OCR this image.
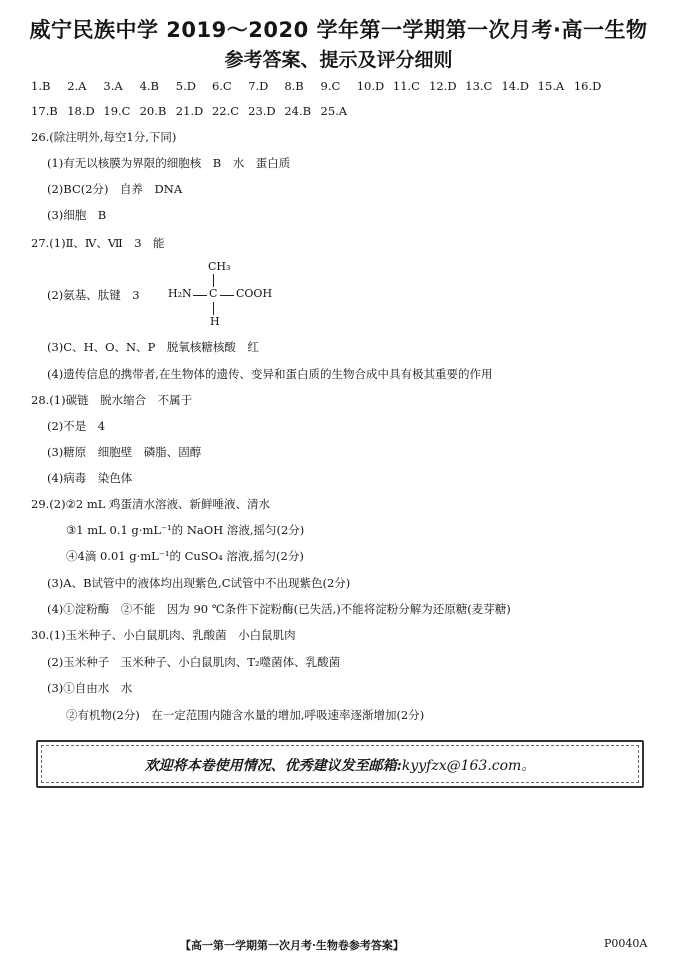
威宁民族中学 2019～2020 学年第一学期第一次月考·高一生物
参考答案、提示及评分细则
1.B 2.A 3.A 4.B 5.D 6.C 7.D 8.B 9.C 10.D 11.C 12.D 13.C 14.D 15.A 16.D
17.B 18.D 19.C 20.B 21.D 22.C 23.D 24.B 25.A
26.(除注明外,每空1分,下同)
(1)有无以核膜为界限的细胞核　B　水　蛋白质
(2)BC(2分)　自养　DNA
(3)细胞　B
27.(1)Ⅱ、Ⅳ、Ⅶ　3　能
(2)氨基、肽键　3
CH₃
H₂N C COOH
H
(3)C、H、O、N、P　脱氧核糖核酸　红
(4)遗传信息的携带者,在生物体的遗传、变异和蛋白质的生物合成中具有极其重要的作用
28.(1)碳链　脱水缩合　不属于
(2)不是　4
(3)糖原　细胞壁　磷脂、固醇
(4)病毒　染色体
29.(2)②2 mL 鸡蛋清水溶液、新鲜唾液、清水
③1 mL 0.1 g·mL⁻¹的 NaOH 溶液,摇匀(2分)
④4滴 0.01 g·mL⁻¹的 CuSO₄ 溶液,摇匀(2分)
(3)A、B试管中的液体均出现紫色,C试管中不出现紫色(2分)
(4)①淀粉酶　②不能　因为 90 ℃条件下淀粉酶(已失活,)不能将淀粉分解为还原糖(麦芽糖)
30.(1)玉米种子、小白鼠肌肉、乳酸菌　小白鼠肌肉
(2)玉米种子　玉米种子、小白鼠肌肉、T₂噬菌体、乳酸菌
(3)①自由水　水
②有机物(2分)　在一定范围内随含水量的增加,呼吸速率逐渐增加(2分)
欢迎将本卷使用情况、优秀建议发至邮箱:kyyfzx@163.com。
【高一第一学期第一次月考·生物卷参考答案】	P0040A
